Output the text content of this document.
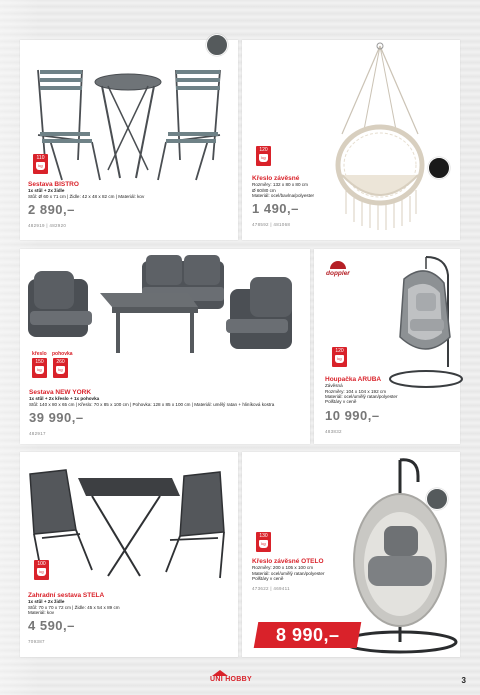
110
kg
Sestava BISTRO
1x stůl + 2x židle
Stůl: Ø 60 x 71 cm | Židle: 42 x 48 x 82 cm | Materiál: kov
2 890,–
482919 | 482920
120
kg
Křeslo závěsné
Rozměry: 132 x 80 x 80 cm
Ø 60/80 cm
Materiál: ocel/bavlna/polyester
1 490,–
478592 | 481068
křeslo pohovka
150
kg
260
kg
Sestava NEW YORK
1x stůl + 2x křeslo + 1x pohovka
Stůl: 140 x 80 x 65 cm | Křeslo: 70 x 85 x 100 cm | Pohovka: 128 x 85 x 100 cm | Materiál: umělý ratan + hliníková kostra
39 990,–
482917
doppler
120
kg
Houpačka ARUBA
Závěsná
Rozměry: 104 x 104 x 192 cm
Materiál: ocel/umělý ratan/polyester
Polštáry v ceně
10 990,–
483832
100
kg
Zahradní sestava STELA
1x stůl + 2x židle
Stůl: 70 x 70 x 72 cm | Židle: 45 x 54 x 89 cm
Materiál: kov
4 590,–
709387
130
kg
Křeslo závěsné OTELO
Rozměry: 200 x 105 x 100 cm
Materiál: ocel/umělý ratan/polyester
Polštáry v ceně
473622 | 469411
8 990,–
UNI HOBBY	3
